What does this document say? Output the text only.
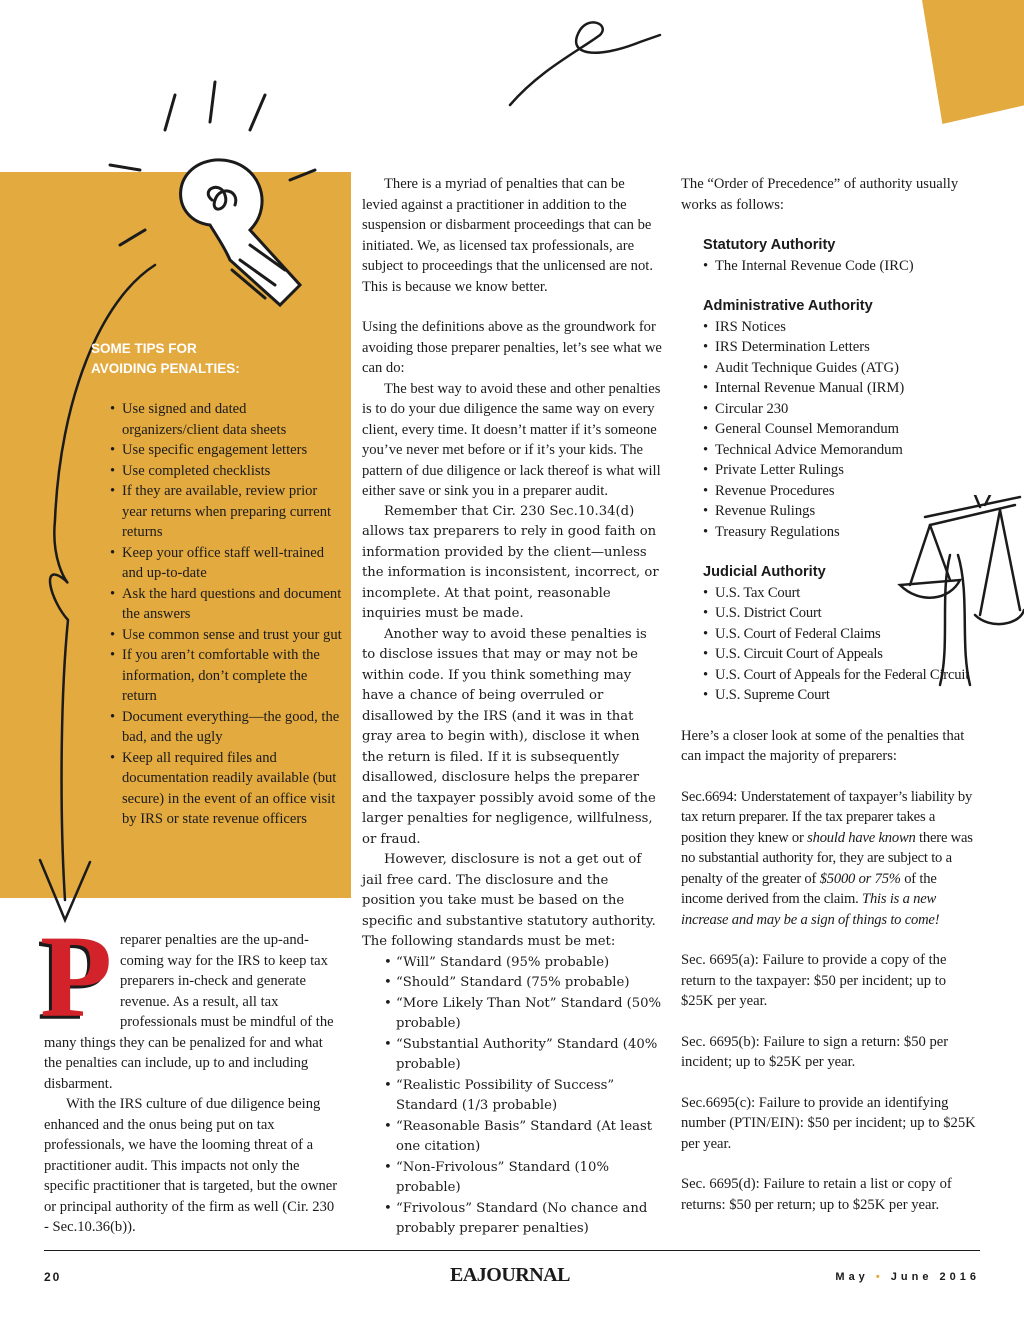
SOME TIPS FOR
AVOIDING PENALTIES:
• Use signed and dated organizers/client data sheets
• Use specific engagement letters
• Use completed checklists
• If they are available, review prior year returns when preparing current returns
• Keep your office staff well-trained and up-to-date
• Ask the hard questions and document the answers
• Use common sense and trust your gut
• If you aren’t comfortable with the information, don’t complete the return
• Document everything—the good, the bad, and the ugly
• Keep all required files and documentation readily available (but secure) in the event of an office visit by IRS or state revenue officers
P reparer penalties are the up-and-coming way for the IRS to keep tax preparers in-check and generate revenue. As a result, all tax professionals must be mindful of the many things they can be penalized for and what the penalties can include, up to and including disbarment.

With the IRS culture of due diligence being enhanced and the onus being put on tax professionals, we have the looming threat of a practitioner audit. This impacts not only the specific practitioner that is targeted, but the owner or principal authority of the firm as well (Cir. 230 - Sec.10.36(b)).

There is a myriad of penalties that can be levied against a practitioner in addition to the suspension or disbarment proceedings that can be initiated. We, as licensed tax professionals, are subject to proceedings that the unlicensed are not. This is because we know better.

Using the definitions above as the groundwork for avoiding those preparer penalties, let’s see what we can do:

The best way to avoid these and other penalties is to do your due diligence the same way on every client, every time. It doesn’t matter if it’s someone you’ve never met before or if it’s your kids. The pattern of due diligence or lack thereof is what will either save or sink you in a preparer audit.

Remember that Cir. 230 Sec.10.34(d) allows tax preparers to rely in good faith on information provided by the client—unless the information is inconsistent, incorrect, or incomplete. At that point, reasonable inquiries must be made.

Another way to avoid these penalties is to disclose issues that may or may not be within code. If you think something may have a chance of being overruled or disallowed by the IRS (and it was in that gray area to begin with), disclose it when the return is filed. If it is subsequently disallowed, disclosure helps the preparer and the taxpayer possibly avoid some of the larger penalties for negligence, willfulness, or fraud.

However, disclosure is not a get out of jail free card. The disclosure and the position you take must be based on the specific and substantive statutory authority. The following standards must be met:

• “Will” Standard (95% probable)
• “Should” Standard (75% probable)
• “More Likely Than Not” Standard (50% probable)
• “Substantial Authority” Standard (40% probable)
• “Realistic Possibility of Success” Standard (1/3 probable)
• “Reasonable Basis” Standard (At least one citation)
• “Non-Frivolous” Standard (10% probable)
• “Frivolous” Standard (No chance and probably preparer penalties)

The “Order of Precedence” of authority usually works as follows:

Statutory Authority
• The Internal Revenue Code (IRC)
Administrative Authority
• IRS Notices
• IRS Determination Letters
• Audit Technique Guides (ATG)
• Internal Revenue Manual (IRM)
• Circular 230
• General Counsel Memorandum
• Technical Advice Memorandum
• Private Letter Rulings
• Revenue Procedures
• Revenue Rulings
• Treasury Regulations
Judicial Authority
• U.S. Tax Court
• U.S. District Court
• U.S. Court of Federal Claims
• U.S. Circuit Court of Appeals
• U.S. Court of Appeals for the Federal Circuit
• U.S. Supreme Court

Here’s a closer look at some of the penalties that can impact the majority of preparers:

Sec.6694: Understatement of taxpayer’s liability by tax return preparer. If the tax preparer takes a position they knew or should have known there was no substantial authority for, they are subject to a penalty of the greater of $5000 or 75% of the income derived from the claim. This is a new increase and may be a sign of things to come!

Sec. 6695(a): Failure to provide a copy of the return to the taxpayer: $50 per incident; up to $25K per year.

Sec. 6695(b): Failure to sign a return: $50 per incident; up to $25K per year.

Sec.6695(c): Failure to provide an identifying number (PTIN/EIN): $50 per incident; up to $25K per year.

Sec. 6695(d): Failure to retain a list or copy of returns: $50 per return; up to $25K per year.

20	EAJOURNAL	May • June 2016
